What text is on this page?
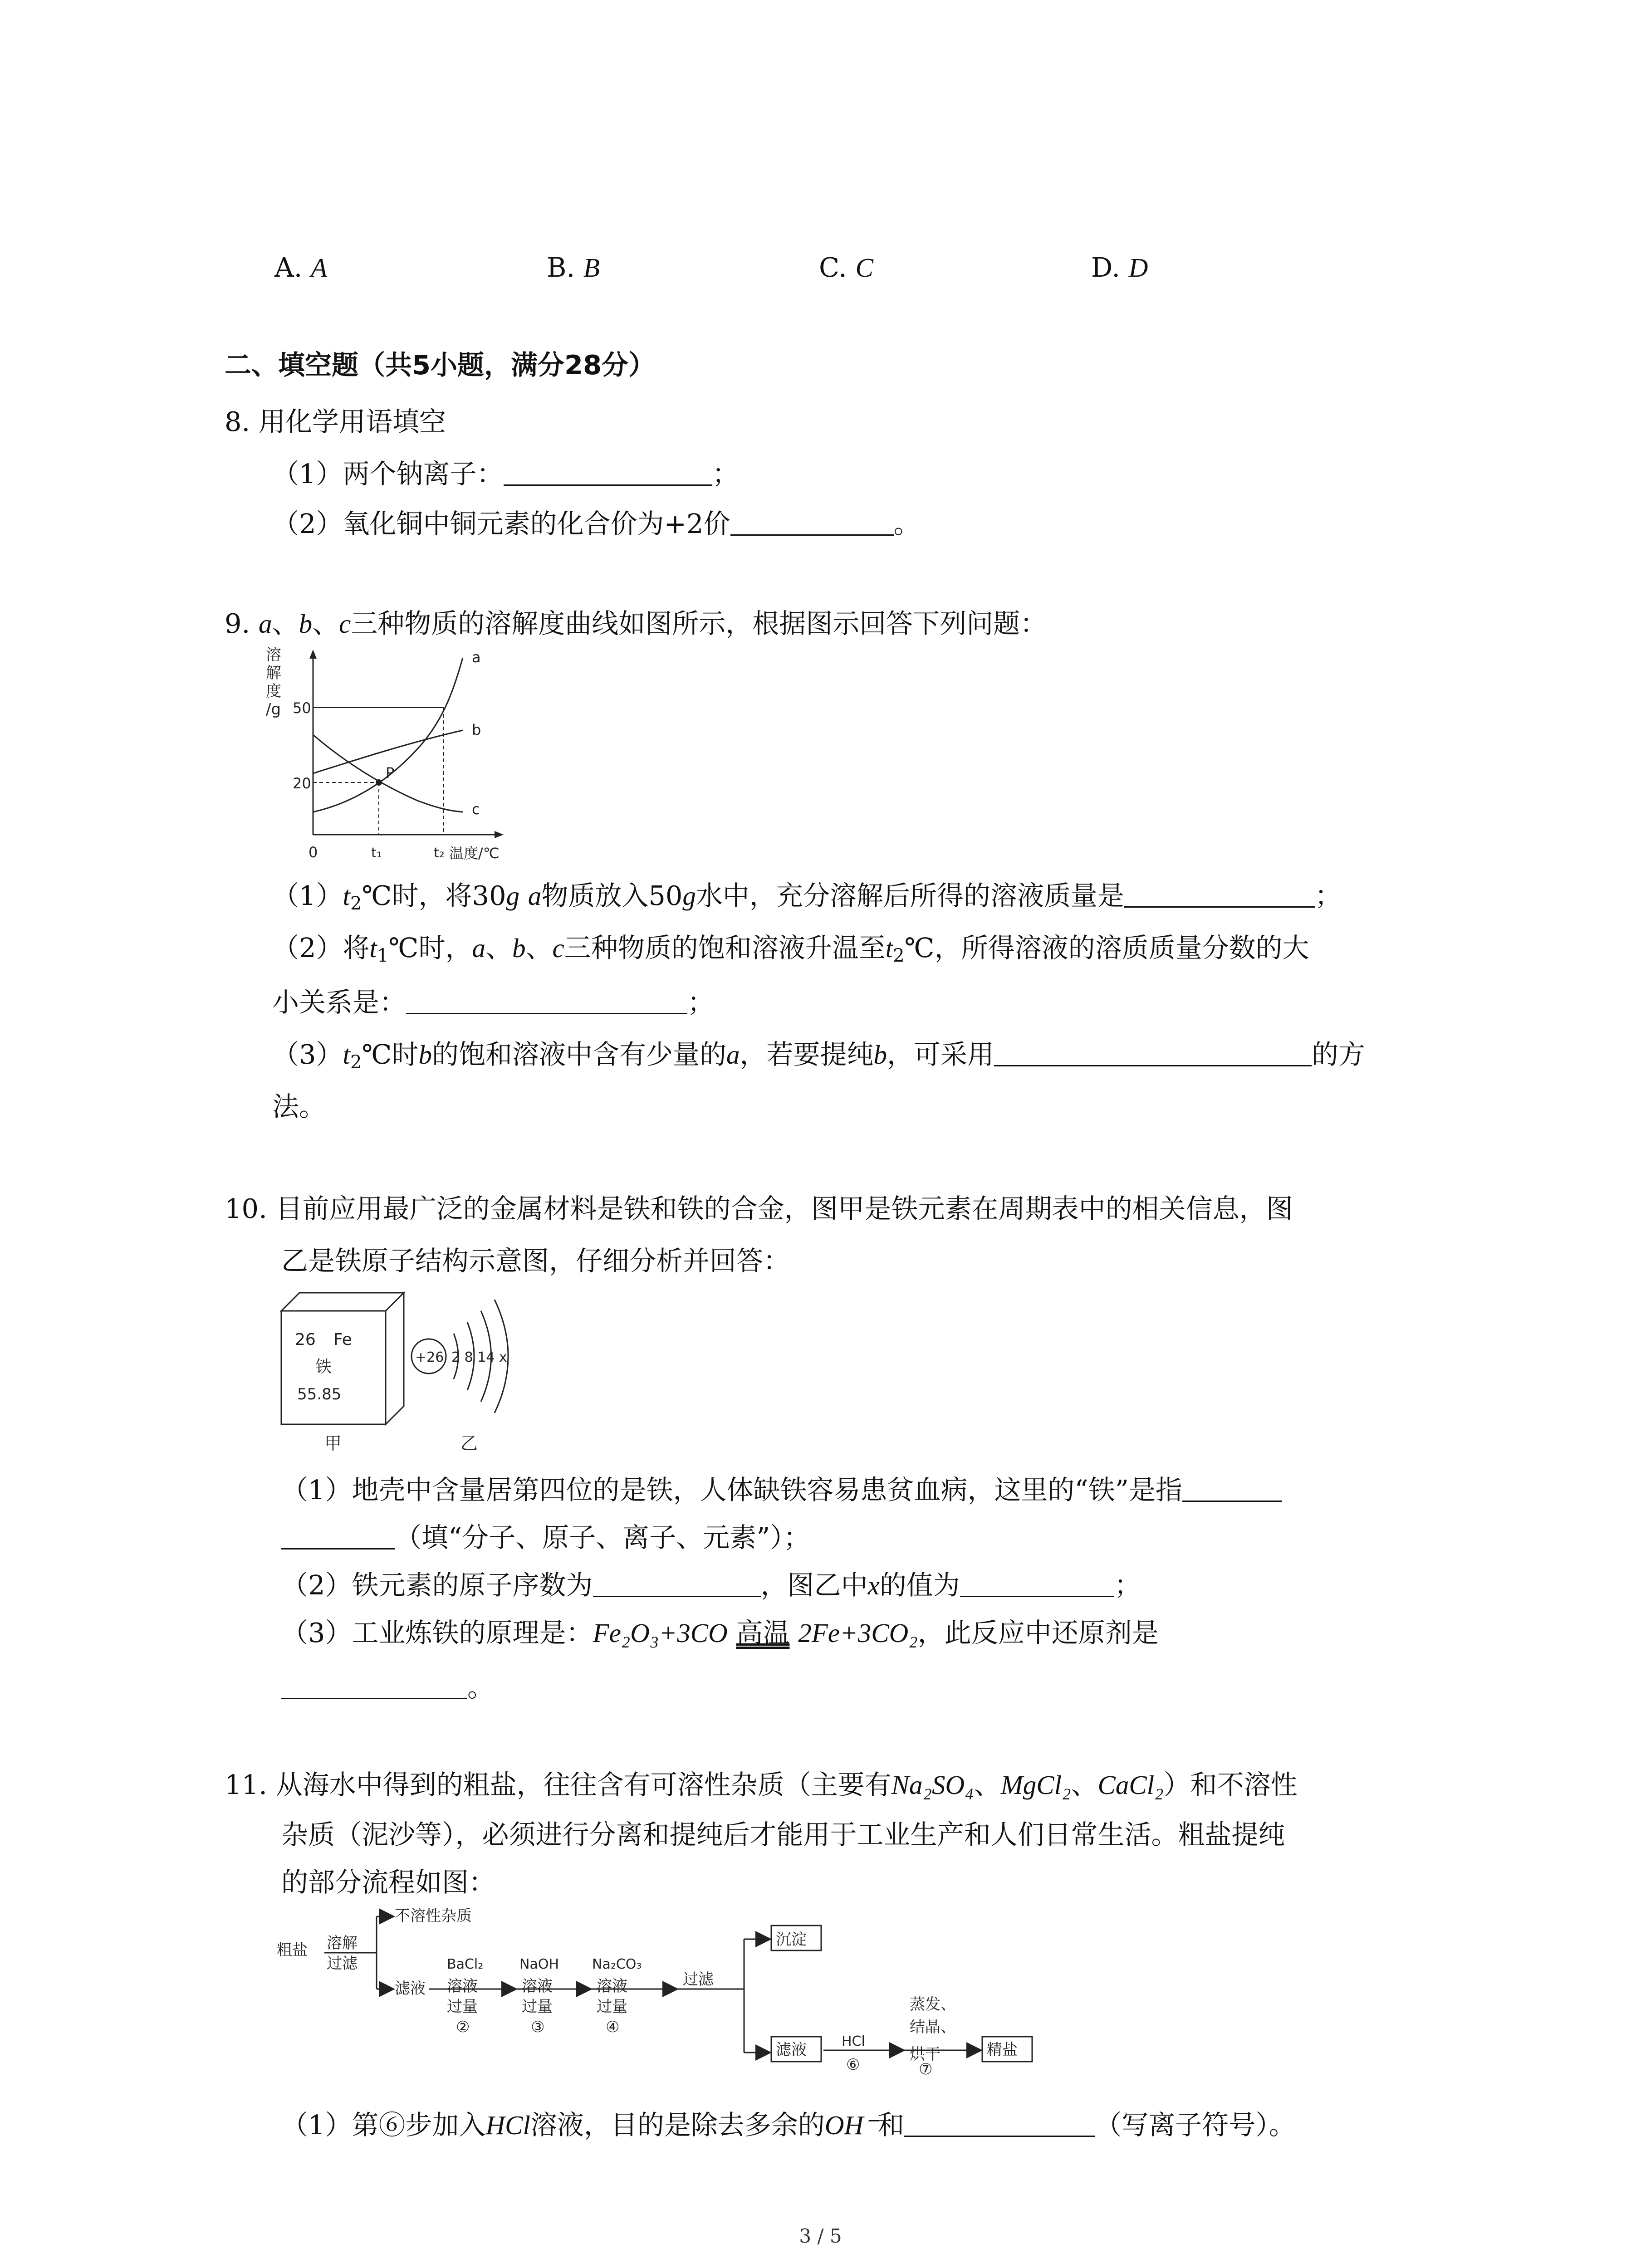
A. A	B. B	C. C	D. D
二、填空题（共5小题，满分28分）
8. 用化学用语填空
（1）两个钠离子：	；
（2）氧化铜中铜元素的化合价为+2价	。
9. a、b、c三种物质的溶解度曲线如图所示，根据图示回答下列问题：
溶
解
度
/g 50
20
0	t₁	t₂ 温度/℃
P
a
b
c
$(1)t_2℃$时，将30g a物质放入50g水中，充分溶解后所得的溶液质量是	；
（2）将$t_1℃$时，a、b、c三种物质的饱和溶液升温至$t_2℃$，所得溶液的溶质质量分数的大
小关系是：	；
$(3)t_2℃$时b的饱和溶液中含有少量的a，若要提纯b，可采用	的方
法。
10. 目前应用最广泛的金属材料是铁和铁的合金，图甲是铁元素在周期表中的相关信息，图
乙是铁原子结构示意图，仔细分析并回答：
26 Fe
铁
55.85
甲
+26 2 8 14 x
乙
（1）地壳中含量居第四位的是铁，人体缺铁容易患贫血病，这里的“铁”是指
（填“分子、原子、离子、元素”）；
（2）铁元素的原子序数为	，图乙中x的值为	；
（3）工业炼铁的原理是：Fe₂O₃+3CO 高温 2Fe+3CO₂，此反应中还原剂是
。
11. 从海水中得到的粗盐，往往含有可溶性杂质（主要有Na₂SO₄、MgCl₂、CaCl₂）和不溶性
杂质（泥沙等），必须进行分离和提纯后才能用于工业生产和人们日常生活。粗盐提纯
的部分流程如图：
粗盐 溶解
过滤
不溶性杂质
滤液
BaCl₂
溶液
过量
②
NaOH
溶液
过量
③
Na₂CO₃
溶液
过量
④
过滤
沉淀
滤液	HCl
⑥
蒸发、
结晶、
烘干
⑦
精盐
（1）第⑥步加入HCl溶液，目的是除去多余的OH⁻和	（写离子符号）。
3 / 5
